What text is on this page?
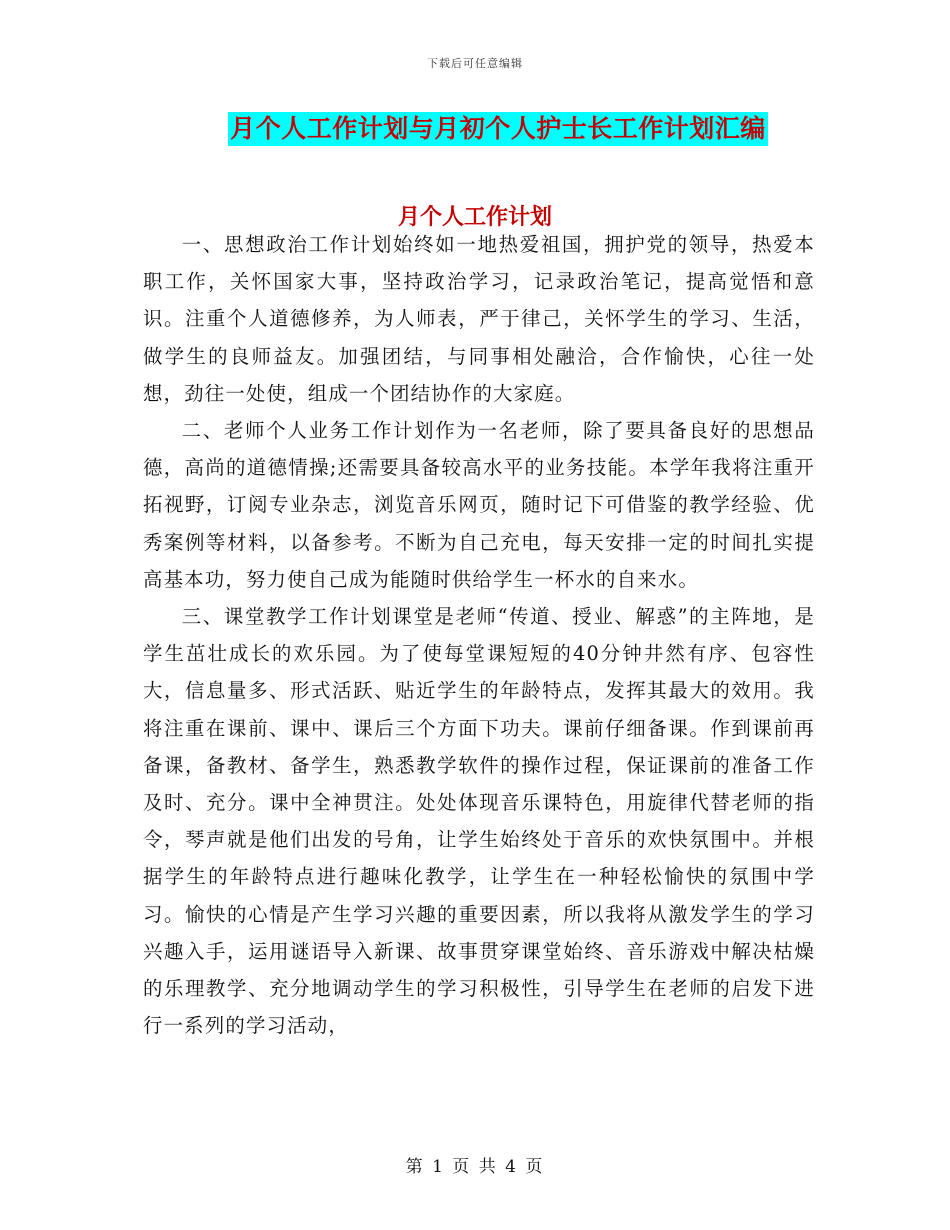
下载后可任意编辑
月个人工作计划与月初个人护士长工作计划汇编
月个人工作计划

一、思想政治工作计划始终如一地热爱祖国，拥护党的领导，热爱本职工作，关怀国家大事，坚持政治学习，记录政治笔记，提高觉悟和意识。注重个人道德修养，为人师表，严于律己，关怀学生的学习、生活，做学生的良师益友。加强团结，与同事相处融洽，合作愉快，心往一处想，劲往一处使，组成一个团结协作的大家庭。

二、老师个人业务工作计划作为一名老师，除了要具备良好的思想品德，高尚的道德情操;还需要具备较高水平的业务技能。本学年我将注重开拓视野，订阅专业杂志，浏览音乐网页，随时记下可借鉴的教学经验、优秀案例等材料，以备参考。不断为自己充电，每天安排一定的时间扎实提高基本功，努力使自己成为能随时供给学生一杯水的自来水。

三、课堂教学工作计划课堂是老师“传道、授业、解惑”的主阵地，是学生茁壮成长的欢乐园。为了使每堂课短短的40分钟井然有序、包容性大，信息量多、形式活跃、贴近学生的年龄特点，发挥其最大的效用。我将注重在课前、课中、课后三个方面下功夫。课前仔细备课。作到课前再备课，备教材、备学生，熟悉教学软件的操作过程，保证课前的准备工作及时、充分。课中全神贯注。处处体现音乐课特色，用旋律代替老师的指令，琴声就是他们出发的号角，让学生始终处于音乐的欢快氛围中。并根据学生的年龄特点进行趣味化教学，让学生在一种轻松愉快的氛围中学习。愉快的心情是产生学习兴趣的重要因素，所以我将从激发学生的学习兴趣入手，运用谜语导入新课、故事贯穿课堂始终、音乐游戏中解决枯燥的乐理教学、充分地调动学生的学习积极性，引导学生在老师的启发下进行一系列的学习活动，

第 1 页 共 4 页
